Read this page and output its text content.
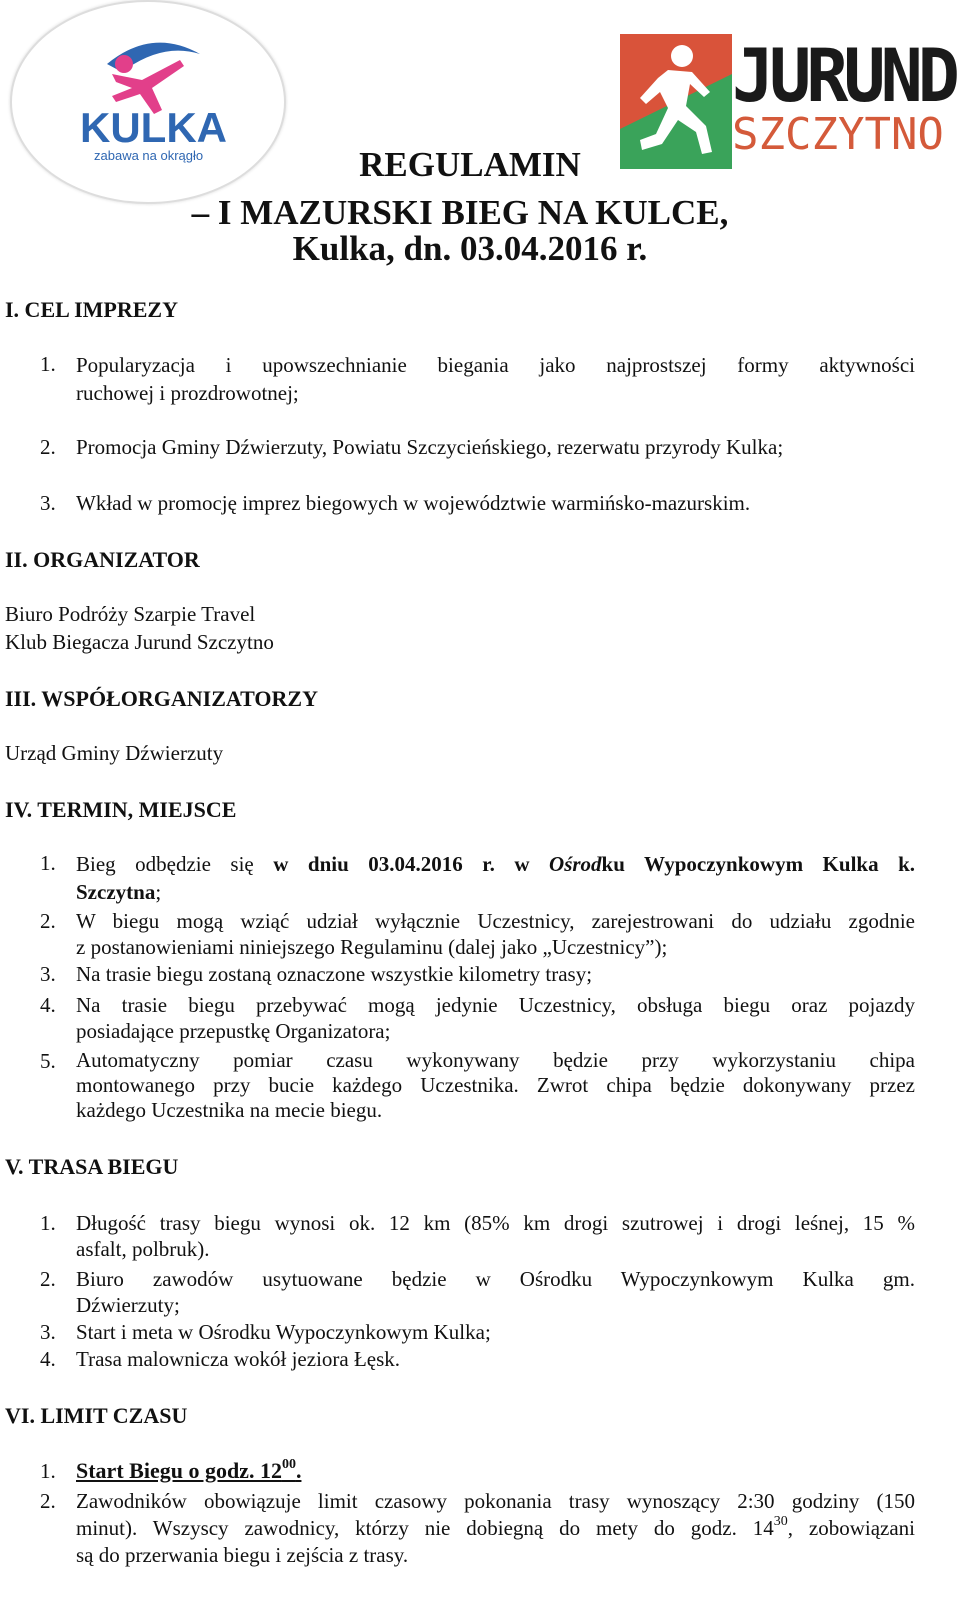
KULKA
zabawa na okrągło
JURUND
SZCZYTNO
REGULAMIN
– I MAZURSKI BIEG NA KULCE,
Kulka, dn. 03.04.2016 r.
I. CEL IMPREZY
1. Popularyzacja i upowszechnianie biegania jako najprostszej formy aktywności
ruchowej i prozdrowotnej;
2. Promocja Gminy Dźwierzuty, Powiatu Szczycieńskiego, rezerwatu przyrody Kulka;
3. Wkład w promocję imprez biegowych w województwie warmińsko-mazurskim.
II. ORGANIZATOR
Biuro Podróży Szarpie Travel
Klub Biegacza Jurund Szczytno
III. WSPÓŁORGANIZATORZY
Urząd Gminy Dźwierzuty
IV. TERMIN, MIEJSCE
1. Bieg odbędzie się w dniu 03.04.2016 r. w Ośrodku Wypoczynkowym Kulka k.
Szczytna;
2. W biegu mogą wziąć udział wyłącznie Uczestnicy, zarejestrowani do udziału zgodnie
z postanowieniami niniejszego Regulaminu (dalej jako „Uczestnicy”);
3. Na trasie biegu zostaną oznaczone wszystkie kilometry trasy;
4. Na trasie biegu przebywać mogą jedynie Uczestnicy, obsługa biegu oraz pojazdy
posiadające przepustkę Organizatora;
5. Automatyczny pomiar czasu wykonywany będzie przy wykorzystaniu chipa
montowanego przy bucie każdego Uczestnika. Zwrot chipa będzie dokonywany przez
każdego Uczestnika na mecie biegu.
V. TRASA BIEGU
1. Długość trasy biegu wynosi ok. 12 km (85% km drogi szutrowej i drogi leśnej, 15 %
asfalt, polbruk).
2. Biuro zawodów usytuowane będzie w Ośrodku Wypoczynkowym Kulka gm.
Dźwierzuty;
3. Start i meta w Ośrodku Wypoczynkowym Kulka;
4. Trasa malownicza wokół jeziora Łęsk.
VI. LIMIT CZASU
1. Start Biegu o godz. $12^{00}$.
2. Zawodników obowiązuje limit czasowy pokonania trasy wynoszący 2:30 godziny (150
minut). Wszyscy zawodnicy, którzy nie dobiegną do mety do godz. $14^{30}$, zobowiązani
są do przerwania biegu i zejścia z trasy.
